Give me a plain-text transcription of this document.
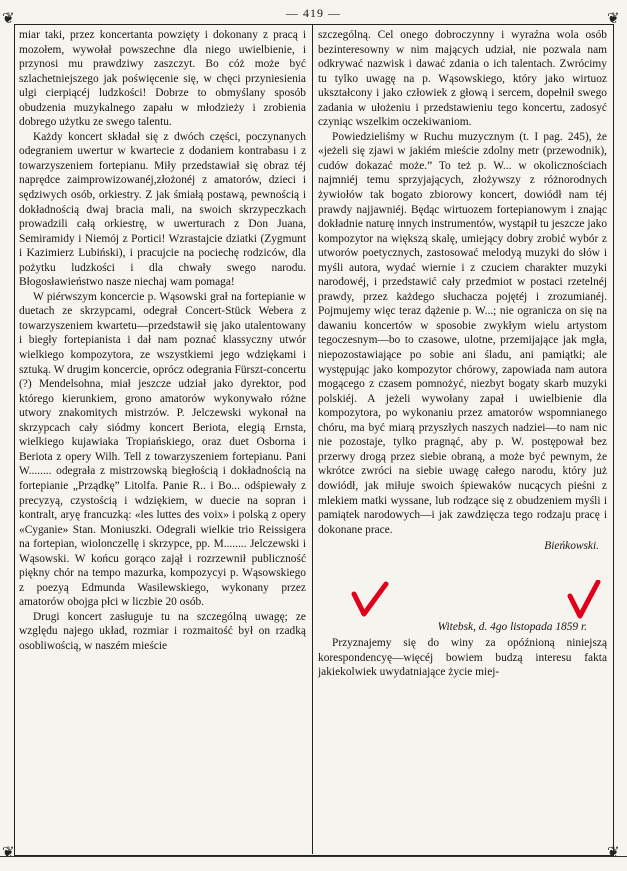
— 419 —
❦	❦
❦	❦

miar taki, przez koncertanta powzięty i dokonany z pracą i mozołem, wywołał powszechne dla niego uwielbienie, i przynosi mu prawdziwy zaszczyt. Bo cóż może być szlachetniejszego jak poświęcenie się, w chęci przyniesienia ulgi cierpiącéj ludzkości! Dobrze to obmyślany sposób obudzenia muzykalnego zapału w młodzieży i zrobienia dobrego użytku ze swego talentu.

Każdy koncert składał się z dwóch części, poczynanych odegraniem uwertur w kwartecie z dodaniem kontrabasu i z towarzyszeniem fortepianu. Miły przedstawiał się obraz téj naprędce zaimprowizowanéj,złożonéj z amatorów, dzieci i sędziwych osób, orkiestry. Z jak śmiałą postawą, pewnością i dokładnością dwaj bracia mali, na swoich skrzypeczkach prowadzili całą orkiestrę, w uwerturach z Don Juana, Semiramidy i Niemój z Portici! Wzrastajcie dziatki (Zygmunt i Kazimierz Lubiński), i pracujcie na pociechę rodziców, dla pożytku ludzkości i dla chwały swego narodu. Błogosławieństwo nasze niechaj wam pomaga!

W piérwszym koncercie p. Wąsowski grał na fortepianie w duetach ze skrzypcami, odegrał Concert-Stück Webera z towarzyszeniem kwartetu—przedstawił się jako utalentowany i biegły fortepianista i dał nam poznać klassyczny utwór wielkiego kompozytora, ze wszystkiemi jego wdziękami i sztuką. W drugim koncercie, oprócz odegrania Fürszt-concertu (?) Mendelsohna, miał jeszcze udział jako dyrektor, pod którego kierunkiem, grono amatorów wykonywało różne utwory znakomitych mistrzów. P. Jelczewski wykonał na skrzypcach cały siódmy koncert Beriota, elegią Ernsta, wielkiego kujawiaka Tropiańskiego, oraz duet Osborna i Beriota z opery Wilh. Tell z towarzyszeniem fortepianu. Pani W........ odegrała z mistrzowską biegłością i dokładnością na fortepianie „Prządkę” Litolfa. Panie R.. i Bo... odśpiewały z precyzyą, czystością i wdziękiem, w duecie na sopran i kontralt, aryę francuzką: «les luttes des voix» i polską z opery «Cyganie» Stan. Moniuszki. Odegrali wielkie trio Reissigera na fortepian, wiolonczellę i skrzypce, pp. M........ Jelczewski i Wąsowski. W końcu gorąco zajął i rozrzewnił publiczność piękny chór na tempo mazurka, kompozycyi p. Wąsowskiego z poezyą Edmunda Wasilewskiego, wykonany przez amatorów obojga płci w liczbie 20 osób.

Drugi koncert zasługuje tu na szczególną uwagę; ze względu najego układ, rozmiar i rozmaitość był on rzadką osobliwością, w naszém mieście

szczególną. Cel onego dobroczynny i wyraźna wola osób bezinteresowny w nim mających udział, nie pozwala nam odkrywać nazwisk i dawać zdania o ich talentach. Zwrócimy tu tylko uwagę na p. Wąsowskiego, który jako wirtuoz ukształcony i jako człowiek z głową i sercem, dopełnił swego zadania w ułożeniu i przedstawieniu tego koncertu, zadosyć czyniąc wszelkim oczekiwaniom.

Powiedzieliśmy w Ruchu muzycznym (t. I pag. 245), że «jeżeli się zjawi w jakiém mieście zdolny metr (przewodnik), cudów dokazać może.” To też p. W... w okolicznościach najmniéj temu sprzyjających, złożywszy z różnorodnych żywiołów tak bogato zbiorowy koncert, dowiódł nam téj prawdy najjawniéj. Będąc wirtuozem fortepianowym i znając dokładnie naturę innych instrumentów, wystąpił tu jeszcze jako kompozytor na większą skalę, umiejący dobry zrobić wybór z utworów poetycznych, zastosować melodyą muzyki do słów i myśli autora, wydać wiernie i z czuciem charakter muzyki narodowéj, i przedstawić cały przedmiot w postaci rzetelnéj prawdy, przez każdego słuchacza pojętéj i zrozumianéj. Pojmujemy więc teraz dążenie p. W...; nie ogranicza on się na dawaniu koncertów w sposobie zwykłym wielu artystom tegoczesnym—bo to czasowe, ulotne, przemijające jak mgła, niepozostawiające po sobie ani śladu, ani pamiątki; ale występując jako kompozytor chórowy, zapowiada nam autora mogącego z czasem pomnożyć, niezbyt bogaty skarb muzyki polskiéj. A jeżeli wywołany zapał i uwielbienie dla kompozytora, po wykonaniu przez amatorów wspomnianego chóru, ma być miarą przyszłych naszych nadziei—to nam nic nie pozostaje, tylko pragnąć, aby p. W. postępował bez przerwy drogą przez siebie obraną, a może być pewnym, że wkrótce zwróci na siebie uwagę całego narodu, który już dowiódł, jak miłuje swoich śpiewaków nucących pieśni z mlekiem matki wyssane, lub rodzące się z obudzeniem myśli i pamiątek narodowych—i jak zawdzięcza tego rodzaju pracę i dokonane prace.

Bieńkowski.
Witebsk, d. 4go listopada 1859 r.

Przyznajemy się do winy za opóźnioną niniejszą korespondencyę—więcéj bowiem budzą interesu fakta jakiekolwiek uwydatniające życie miej-
